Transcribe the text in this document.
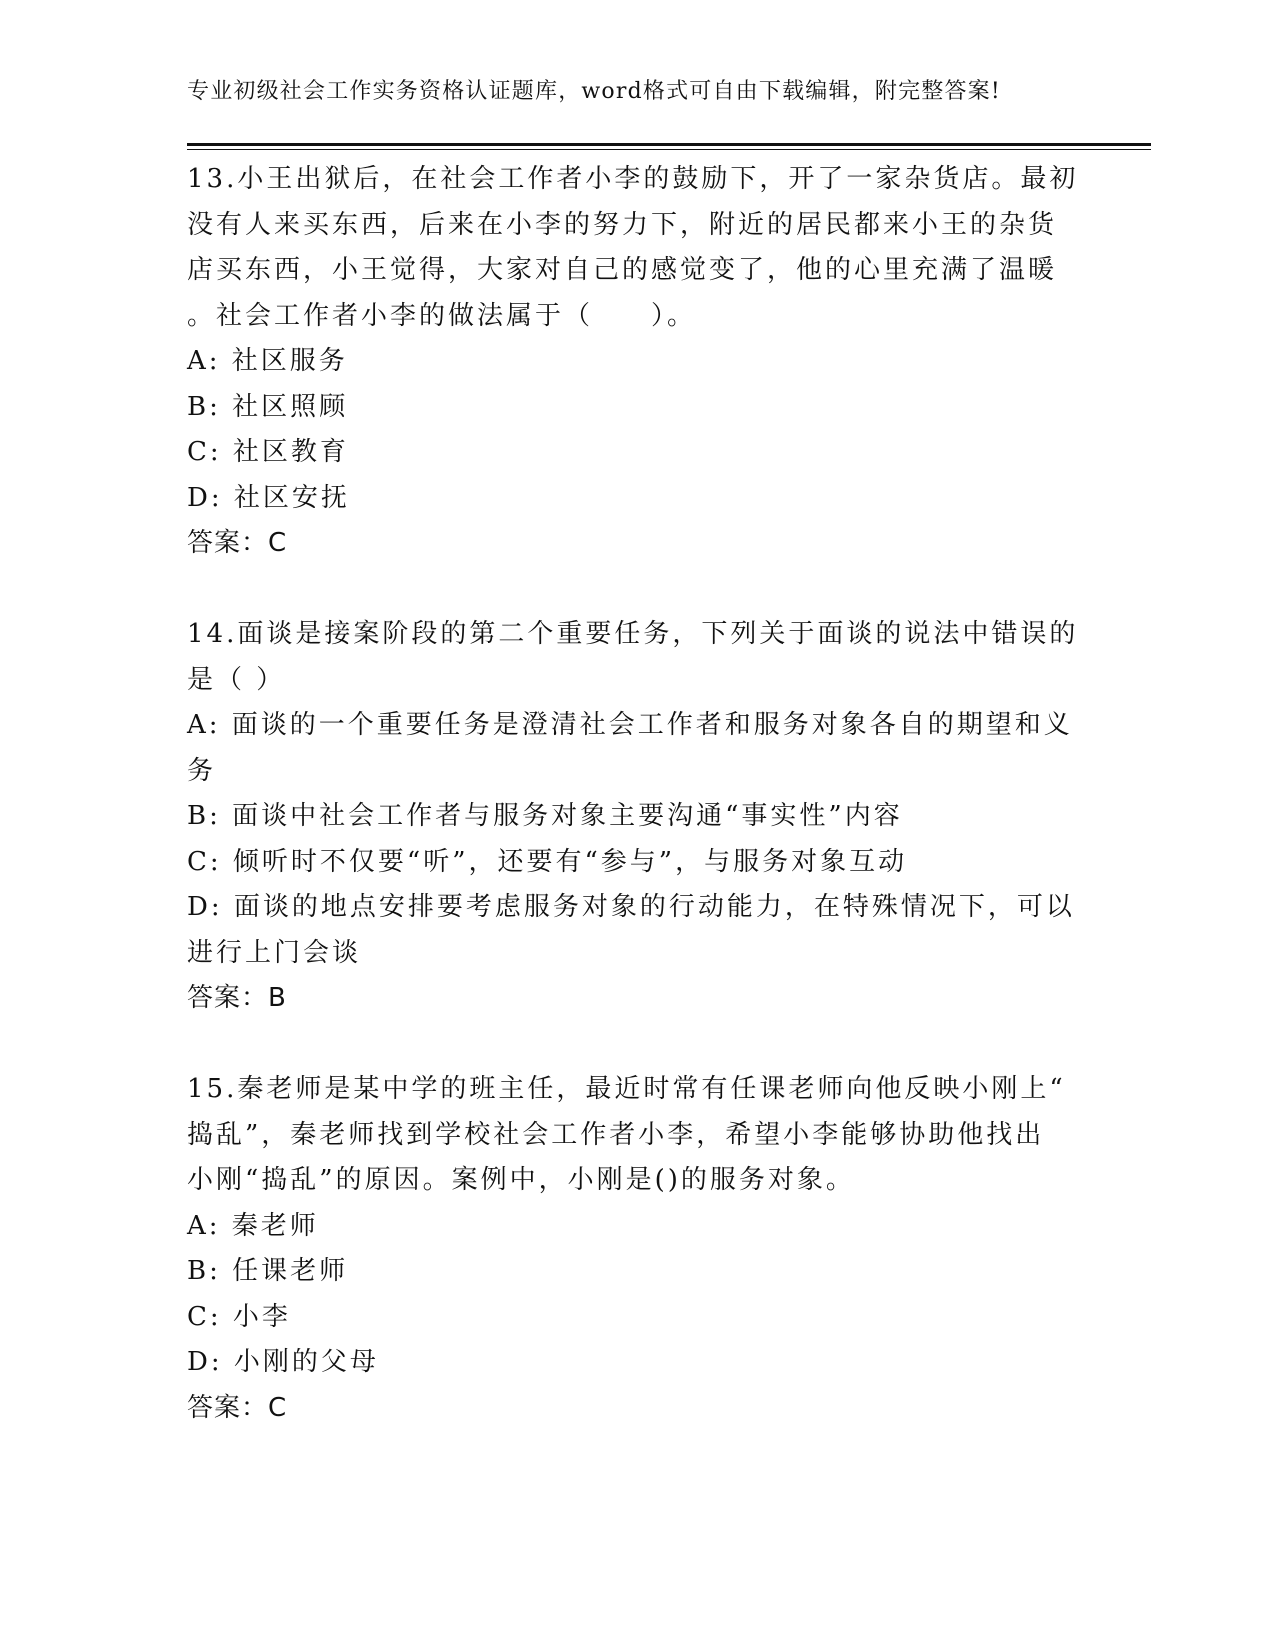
专业初级社会工作实务资格认证题库，word格式可自由下载编辑，附完整答案!
13.小王出狱后，在社会工作者小李的鼓励下，开了一家杂货店。最初
没有人来买东西，后来在小李的努力下，附近的居民都来小王的杂货
店买东西，小王觉得，大家对自己的感觉变了，他的心里充满了温暖
。社会工作者小李的做法属于（　　）。
A: 社区服务
B: 社区照顾
C: 社区教育
D: 社区安抚
答案：C
14.面谈是接案阶段的第二个重要任务，下列关于面谈的说法中错误的
是（ ）
A: 面谈的一个重要任务是澄清社会工作者和服务对象各自的期望和义
务
B: 面谈中社会工作者与服务对象主要沟通“事实性”内容
C: 倾听时不仅要“听”，还要有“参与”，与服务对象互动
D: 面谈的地点安排要考虑服务对象的行动能力，在特殊情况下，可以
进行上门会谈
答案：B
15.秦老师是某中学的班主任，最近时常有任课老师向他反映小刚上“
捣乱”，秦老师找到学校社会工作者小李，希望小李能够协助他找出
小刚“捣乱”的原因。案例中，小刚是()的服务对象。
A: 秦老师
B: 任课老师
C: 小李
D: 小刚的父母
答案：C
